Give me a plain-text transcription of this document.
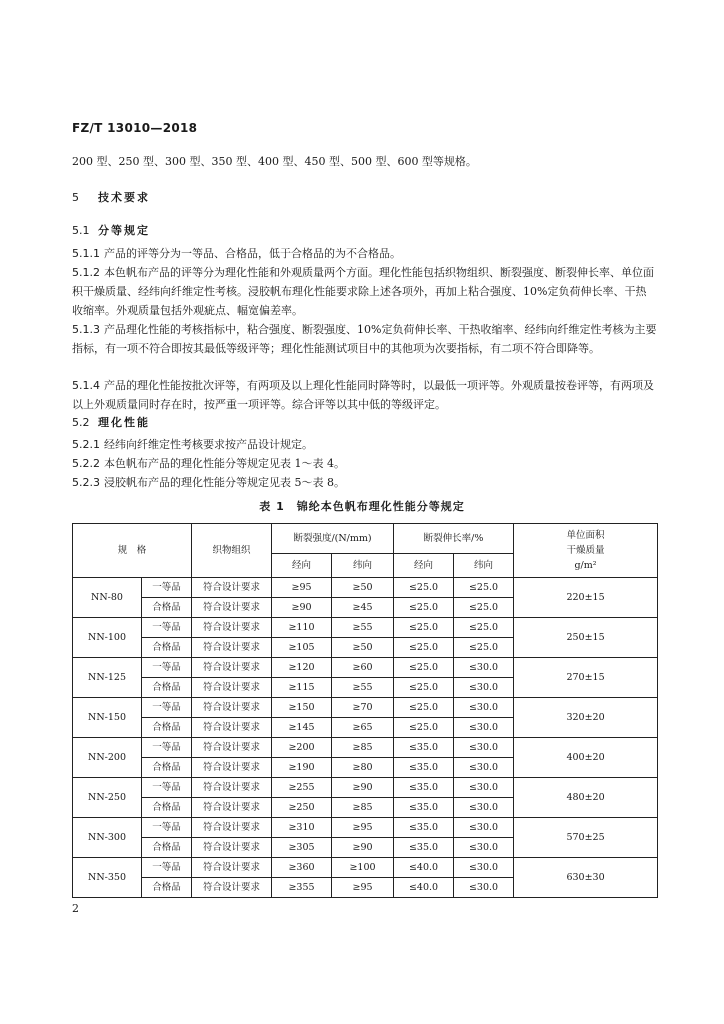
FZ/T 13010—2018
200 型、250 型、300 型、350 型、400 型、450 型、500 型、600 型等规格。
5 技术要求
5.1 分等规定
5.1.1 产品的评等分为一等品、合格品，低于合格品的为不合格品。
5.1.2 本色帆布产品的评等分为理化性能和外观质量两个方面。理化性能包括织物组织、断裂强度、断裂伸长率、单位面积干燥质量、经纬向纤维定性考核。浸胶帆布理化性能要求除上述各项外，再加上粘合强度、10%定负荷伸长率、干热收缩率。外观质量包括外观疵点、幅宽偏差率。
5.1.3 产品理化性能的考核指标中，粘合强度、断裂强度、10%定负荷伸长率、干热收缩率、经纬向纤维定性考核为主要指标，有一项不符合即按其最低等级评等；理化性能测试项目中的其他项为次要指标，有二项不符合即降等。
5.1.4 产品的理化性能按批次评等，有两项及以上理化性能同时降等时，以最低一项评等。外观质量按卷评等，有两项及以上外观质量同时存在时，按严重一项评等。综合评等以其中低的等级评定。
5.2 理化性能
5.2.1 经纬向纤维定性考核要求按产品设计规定。
5.2.2 本色帆布产品的理化性能分等规定见表 1～表 4。
5.2.3 浸胶帆布产品的理化性能分等规定见表 5～表 8。
表 1　锦纶本色帆布理化性能分等规定
规　格		织物组织	断裂强度/(N/mm)		断裂伸长率/%		单位面积
干燥质量
g/m²

			经向	纬向	经向	纬向	
NN-80	一等品	符合设计要求	≥95	≥50	≤25.0	≤25.0	220±15
	合格品	符合设计要求	≥90	≥45	≤25.0	≤25.0	
NN-100	一等品	符合设计要求	≥110	≥55	≤25.0	≤25.0	250±15
	合格品	符合设计要求	≥105	≥50	≤25.0	≤25.0	
NN-125	一等品	符合设计要求	≥120	≥60	≤25.0	≤30.0	270±15
	合格品	符合设计要求	≥115	≥55	≤25.0	≤30.0	
NN-150	一等品	符合设计要求	≥150	≥70	≤25.0	≤30.0	320±20
	合格品	符合设计要求	≥145	≥65	≤25.0	≤30.0	
NN-200	一等品	符合设计要求	≥200	≥85	≤35.0	≤30.0	400±20
	合格品	符合设计要求	≥190	≥80	≤35.0	≤30.0	
NN-250	一等品	符合设计要求	≥255	≥90	≤35.0	≤30.0	480±20
	合格品	符合设计要求	≥250	≥85	≤35.0	≤30.0	
NN-300	一等品	符合设计要求	≥310	≥95	≤35.0	≤30.0	570±25
	合格品	符合设计要求	≥305	≥90	≤35.0	≤30.0	
NN-350	一等品	符合设计要求	≥360	≥100	≤40.0	≤30.0	630±30
	合格品	符合设计要求	≥355	≥95	≤40.0	≤30.0	
2
